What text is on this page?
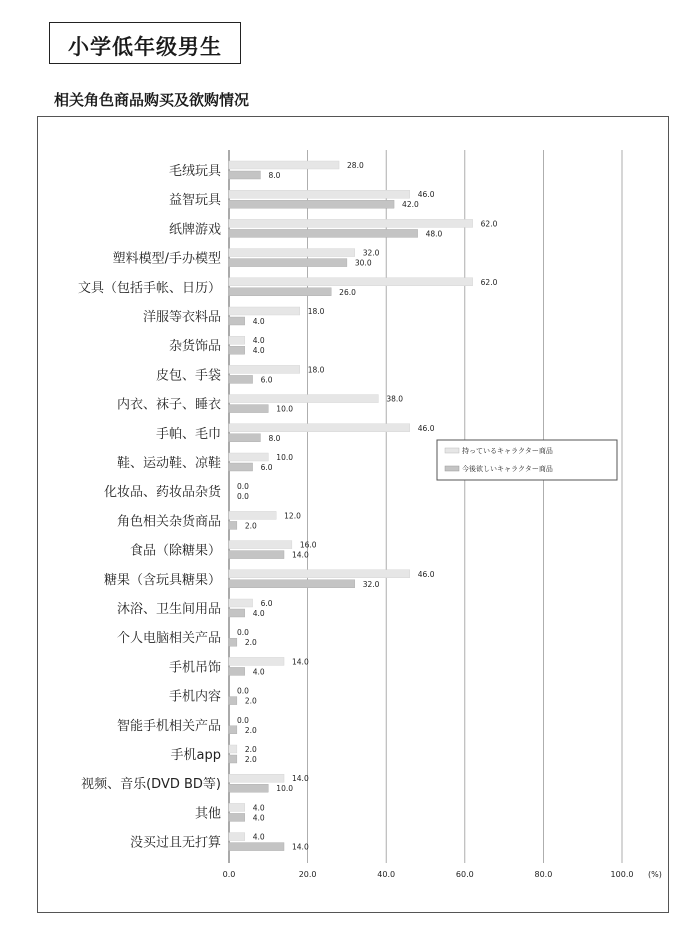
小学低年级男生
相关角色商品购买及欲购情况
0.0	20.0	40.0	60.0	80.0	100.0 (%)
毛绒玩具	28.0
8.0
益智玩具	46.0
42.0
纸牌游戏	62.0
48.0
塑料模型/手办模型	32.0
30.0
文具（包括手帐、日历）	62.0
26.0
洋服等衣料品	18.0
4.0
杂货饰品	4.0
4.0
皮包、手袋	18.0
6.0
内衣、袜子、睡衣	38.0
10.0
手帕、毛巾	46.0
8.0
鞋、运动鞋、凉鞋	10.0
6.0
化妆品、药妆品杂货 0.0
0.0
角色相关杂货商品	12.0
2.0
食品（除糖果）	16.0
14.0
糖果（含玩具糖果）	46.0
32.0
沐浴、卫生间用品	6.0
4.0
个人电脑相关产品 0.0
2.0
手机吊饰	14.0
4.0
手机内容 0.0
2.0
智能手机相关产品 0.0
2.0
手机app	2.0
2.0
视频、音乐(DVD BD等)	14.0
10.0
其他	4.0
4.0
没买过且无打算	4.0
14.0
持っているキャラクター商品
今後欲しいキャラクター商品
